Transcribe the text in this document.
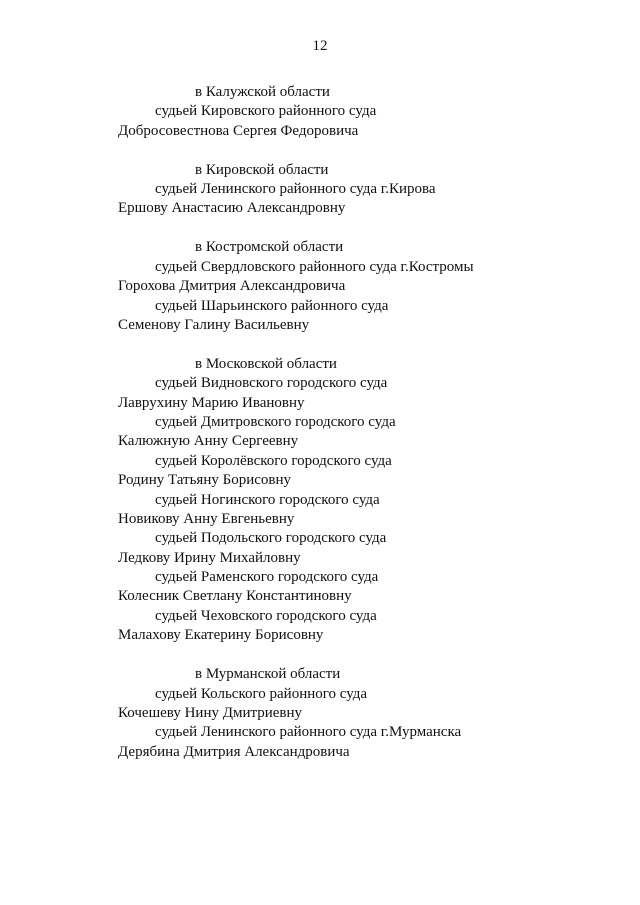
12
в Калужской области
судьей Кировского районного суда
Добросовестнова Сергея Федоровича
в Кировской области
судьей Ленинского районного суда г.Кирова
Ершову Анастасию Александровну
в Костромской области
судьей Свердловского районного суда г.Костромы
Горохова Дмитрия Александровича
судьей Шарьинского районного суда
Семенову Галину Васильевну
в Московской области
судьей Видновского городского суда
Лаврухину Марию Ивановну
судьей Дмитровского городского суда
Калюжную Анну Сергеевну
судьей Королёвского городского суда
Родину Татьяну Борисовну
судьей Ногинского городского суда
Новикову Анну Евгеньевну
судьей Подольского городского суда
Ледкову Ирину Михайловну
судьей Раменского городского суда
Колесник Светлану Константиновну
судьей Чеховского городского суда
Малахову Екатерину Борисовну
в Мурманской области
судьей Кольского районного суда
Кочешеву Нину Дмитриевну
судьей Ленинского районного суда г.Мурманска
Дерябина Дмитрия Александровича
